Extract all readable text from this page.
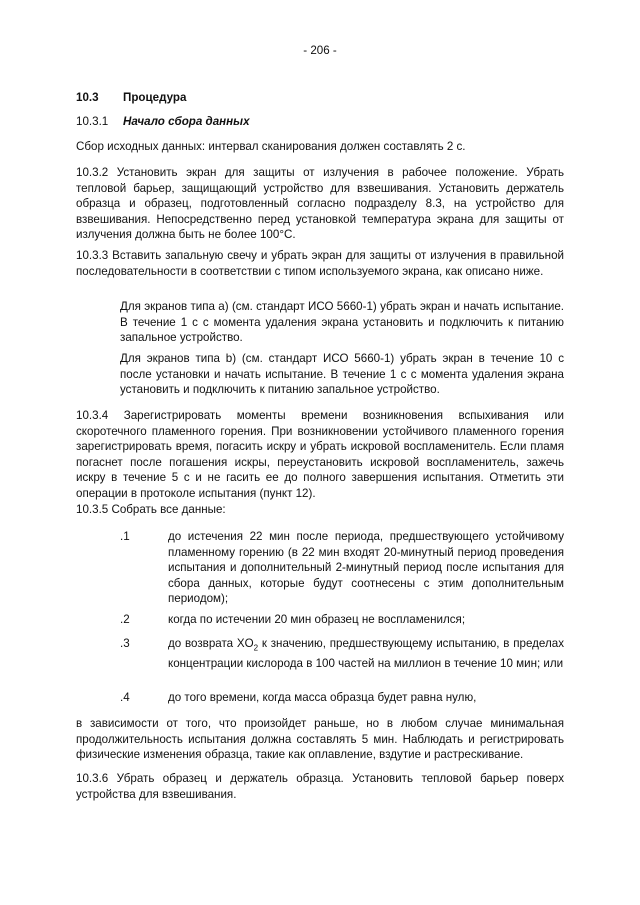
- 206 -
10.3 Процедура
10.3.1 Начало сбора данных
Сбор исходных данных: интервал сканирования должен составлять 2 с.
10.3.2 Установить экран для защиты от излучения в рабочее положение. Убрать тепловой барьер, защищающий устройство для взвешивания. Установить держатель образца и образец, подготовленный согласно подразделу 8.3, на устройство для взвешивания. Непосредственно перед установкой температура экрана для защиты от излучения должна быть не более 100°C.
10.3.3 Вставить запальную свечу и убрать экран для защиты от излучения в правильной последовательности в соответствии с типом используемого экрана, как описано ниже.
Для экранов типа a) (см. стандарт ИСО 5660-1) убрать экран и начать испытание. В течение 1 с с момента удаления экрана установить и подключить к питанию запальное устройство.
Для экранов типа b) (см. стандарт ИСО 5660-1) убрать экран в течение 10 с после установки и начать испытание. В течение 1 с с момента удаления экрана установить и подключить к питанию запальное устройство.
10.3.4 Зарегистрировать моменты времени возникновения вспыхивания или скоротечного пламенного горения. При возникновении устойчивого пламенного горения зарегистрировать время, погасить искру и убрать искровой воспламенитель. Если пламя погаснет после погашения искры, переустановить искровой воспламенитель, зажечь искру в течение 5 с и не гасить ее до полного завершения испытания. Отметить эти операции в протоколе испытания (пункт 12).
10.3.5 Собрать все данные:
.1	до истечения 22 мин после периода, предшествующего устойчивому пламенному горению (в 22 мин входят 20-минутный период проведения испытания и дополнительный 2-минутный период после испытания для сбора данных, которые будут соотнесены с этим дополнительным периодом);
.2	когда по истечении 20 мин образец не воспламенился;
.3	до возврата $XO_2$ к значению, предшествующему испытанию, в пределах концентрации кислорода в 100 частей на миллион в течение 10 мин; или
.4	до того времени, когда масса образца будет равна нулю,
в зависимости от того, что произойдет раньше, но в любом случае минимальная продолжительность испытания должна составлять 5 мин. Наблюдать и регистрировать физические изменения образца, такие как оплавление, вздутие и растрескивание.
10.3.6 Убрать образец и держатель образца. Установить тепловой барьер поверх устройства для взвешивания.
